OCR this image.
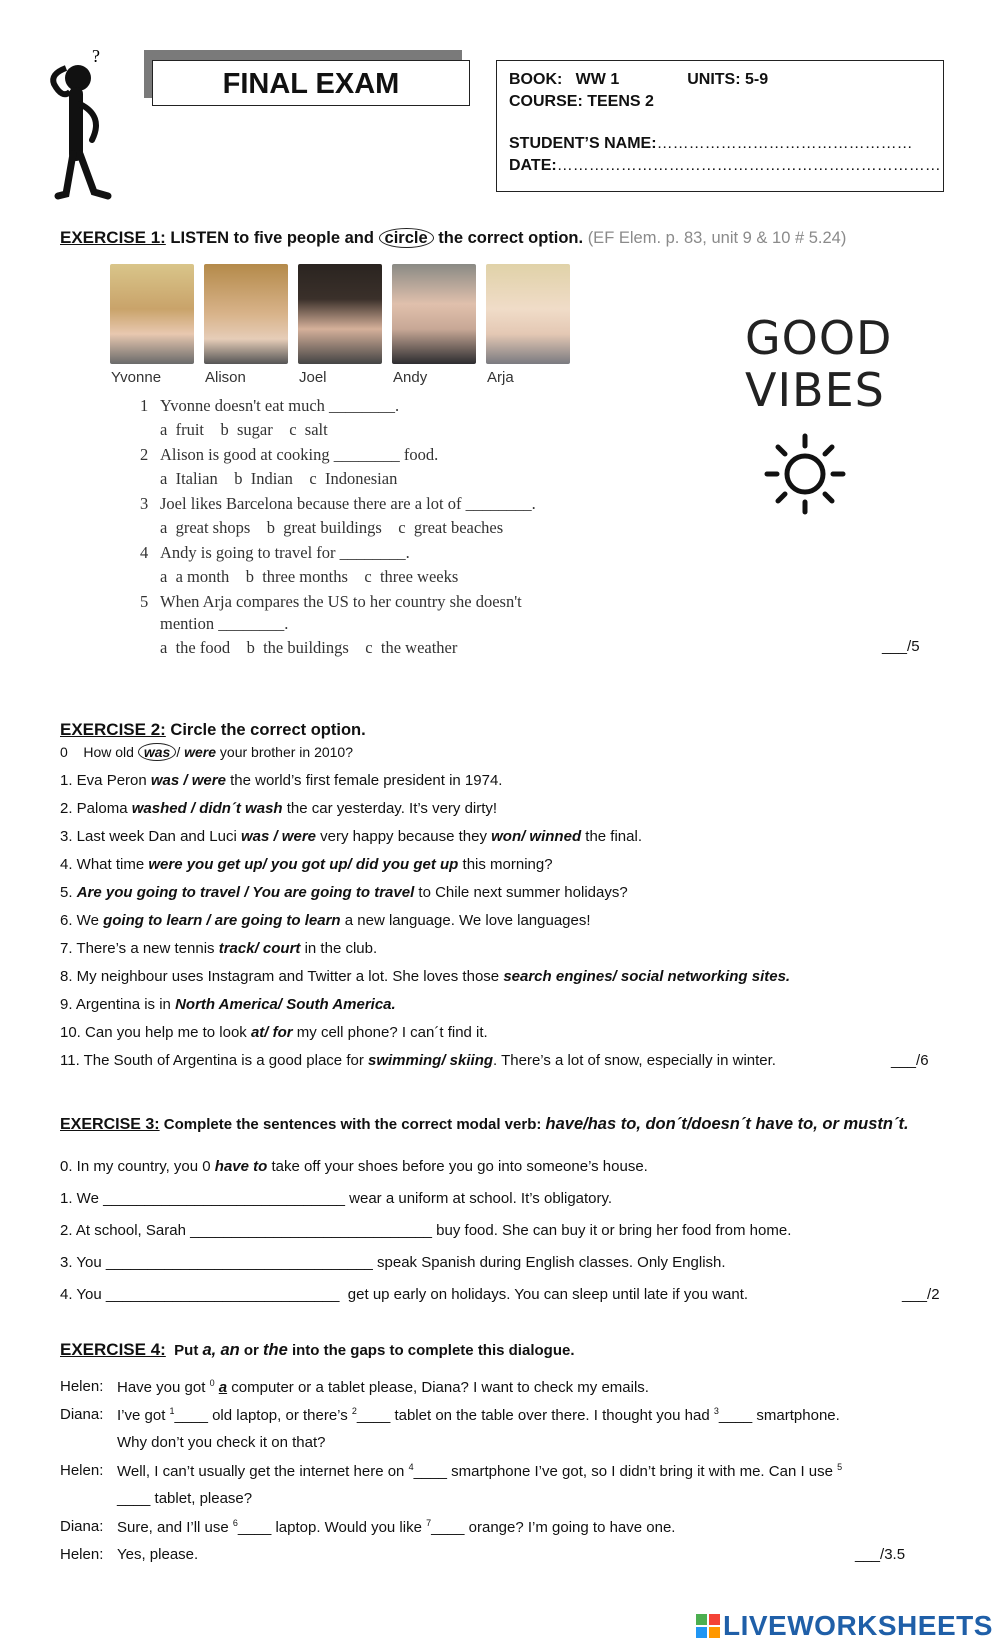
?
FINAL EXAM	BOOK: WW 1	UNITS: 5-9
COURSE: TEENS 2
STUDENT’S NAME:…………………………………………
DATE:………………………………………………………………
EXERCISE 1: LISTEN to five people and circle the correct option. (EF Elem. p. 83, unit 9 & 10 # 5.24)
Yvonne	Alison	Joel	Andy	Arja
1 Yvonne doesn't eat much ________.
a  fruit    b  sugar    c  salt
2 Alison is good at cooking ________ food.
a  Italian    b  Indian    c  Indonesian
3 Joel likes Barcelona because there are a lot of ________.
a  great shops    b  great buildings    c  great beaches
4 Andy is going to travel for ________.
a  a month    b  three months    c  three weeks
5 When Arja compares the US to her country she doesn't
mention ________.
a  the food    b  the buildings    c  the weather	___/5
GOOD
VIBES
EXERCISE 2: Circle the correct option.
0 How old was / were your brother in 2010?
1. Eva Peron was / were the world’s first female president in 1974.
2. Paloma washed / didn´t wash the car yesterday. It’s very dirty!
3. Last week Dan and Luci was / were very happy because they won/ winned the final.
4. What time were you get up/ you got up/ did you get up this morning?
5. Are you going to travel / You are going to travel to Chile next summer holidays?
6. We going to learn / are going to learn a new language. We love languages!
7. There’s a new tennis track/ court in the club.
8. My neighbour uses Instagram and Twitter a lot. She loves those search engines/ social networking sites.
9. Argentina is in North America/ South America.
10. Can you help me to look at/ for my cell phone? I can´t find it.
11. The South of Argentina is a good place for swimming/ skiing. There’s a lot of snow, especially in winter.	___/6
EXERCISE 3: Complete the sentences with the correct modal verb: have/has to, don´t/doesn´t have to, or mustn´t.
0. In my country, you 0 have to take off your shoes before you go into someone’s house.
1. We _____________________________ wear a uniform at school. It’s obligatory.
2. At school, Sarah _____________________________ buy food. She can buy it or bring her food from home.
3. You ________________________________ speak Spanish during English classes. Only English.
4. You ____________________________  get up early on holidays. You can sleep until late if you want.	___/2
EXERCISE 4: Put a, an or the into the gaps to complete this dialogue.
Helen: Have you got $^0$ a computer or a tablet please, Diana? I want to check my emails.
Diana: I’ve got $^1$____ old laptop, or there’s $^2$____ tablet on the table over there. I thought you had $^3$____ smartphone.
Why don’t you check it on that?
Helen: Well, I can’t usually get the internet here on $^4$____ smartphone I’ve got, so I didn’t bring it with me. Can I use $^5$
____ tablet, please?
Diana: Sure, and I’ll use $^6$____ laptop. Would you like $^7$____ orange? I’m going to have one.
Helen: Yes, please.	___/3.5
LIVEWORKSHEETS
